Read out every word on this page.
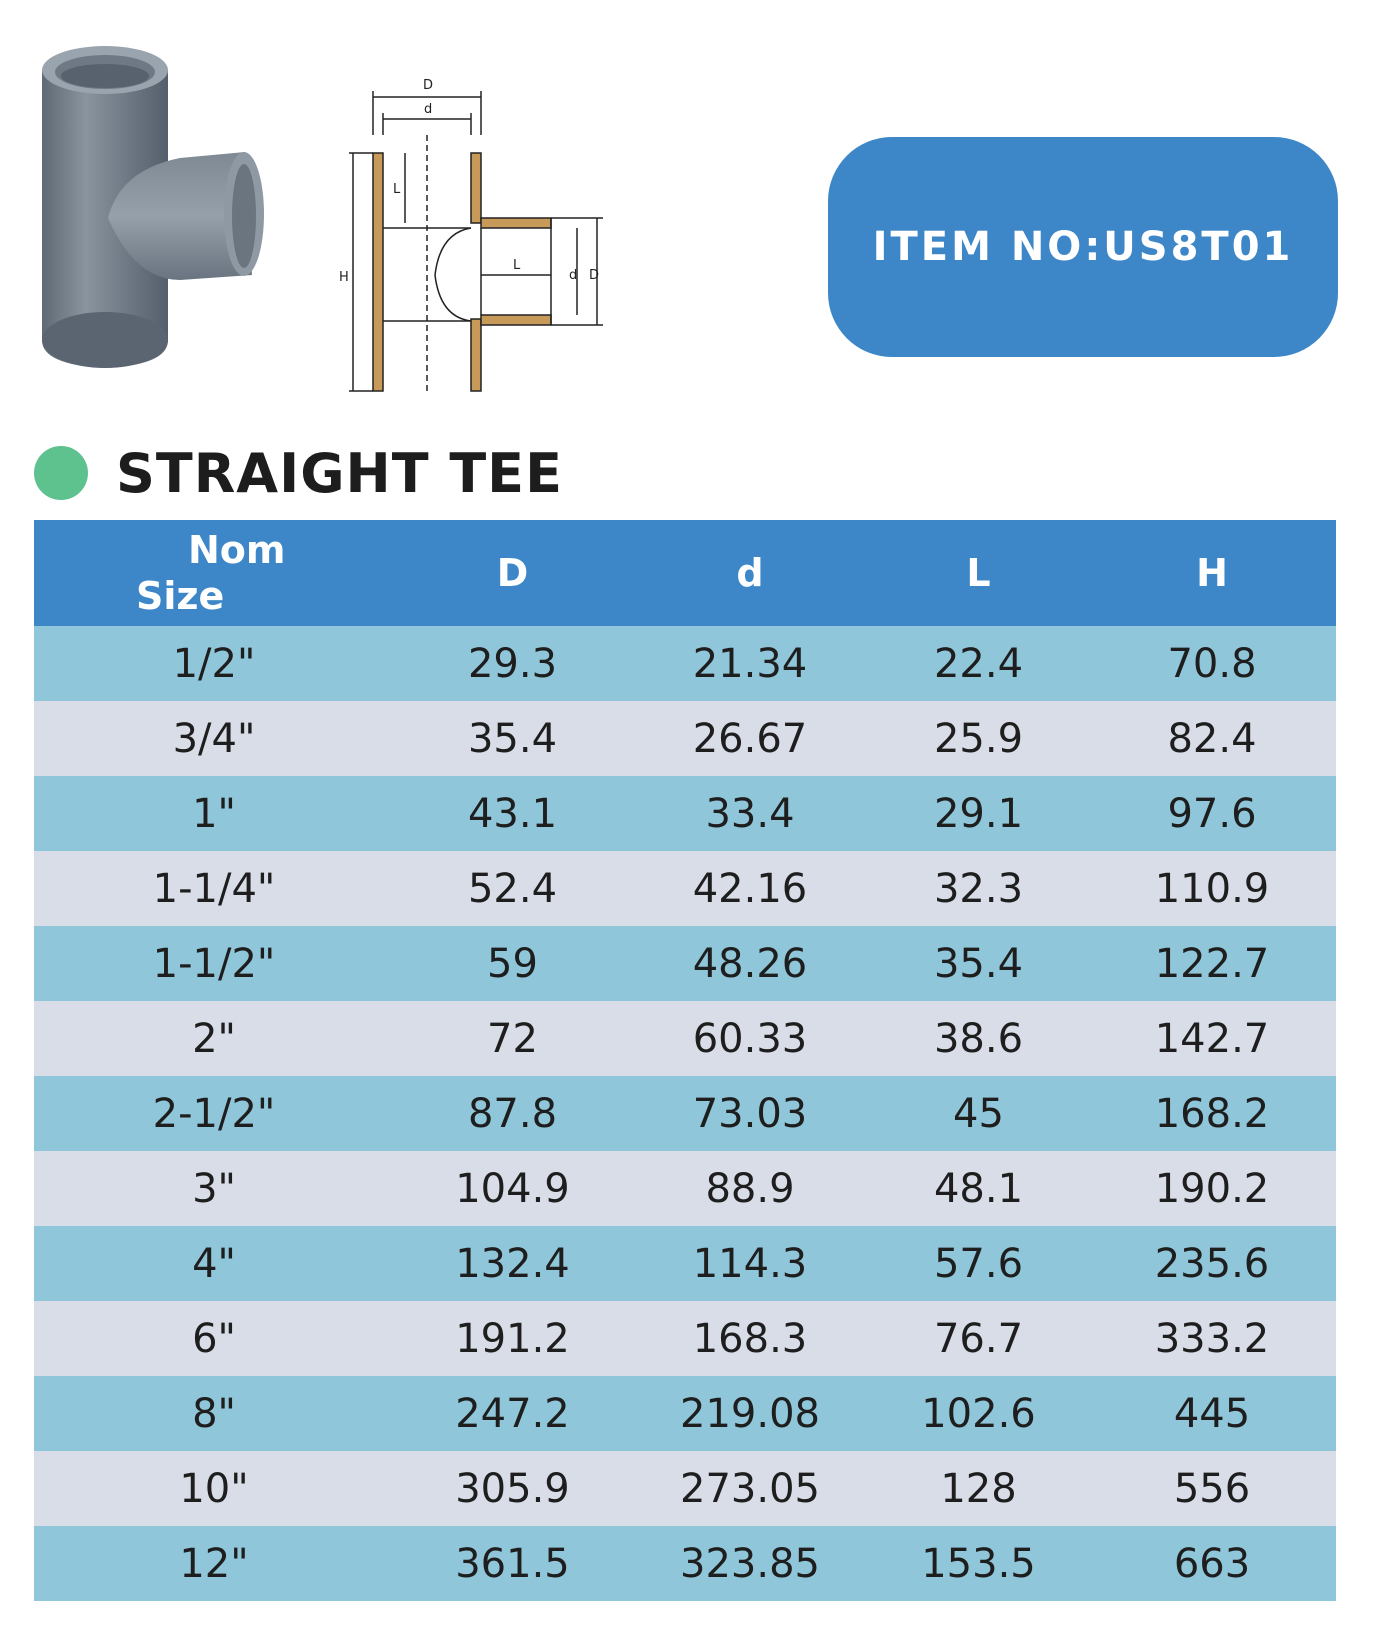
D
d
L
H
L
d D
ITEM NO:US8T01
STRAIGHT TEE
Nom
Size
D	d	L	H
1/2"	29.3	21.34	22.4	70.8
3/4"	35.4	26.67	25.9	82.4
1"	43.1	33.4	29.1	97.6
1-1/4"	52.4	42.16	32.3	110.9
1-1/2"	59	48.26	35.4	122.7
2"	72	60.33	38.6	142.7
2-1/2"	87.8	73.03	45	168.2
3"	104.9	88.9	48.1	190.2
4"	132.4	114.3	57.6	235.6
6"	191.2	168.3	76.7	333.2
8"	247.2	219.08	102.6	445
10"	305.9	273.05	128	556
12"	361.5	323.85	153.5	663
